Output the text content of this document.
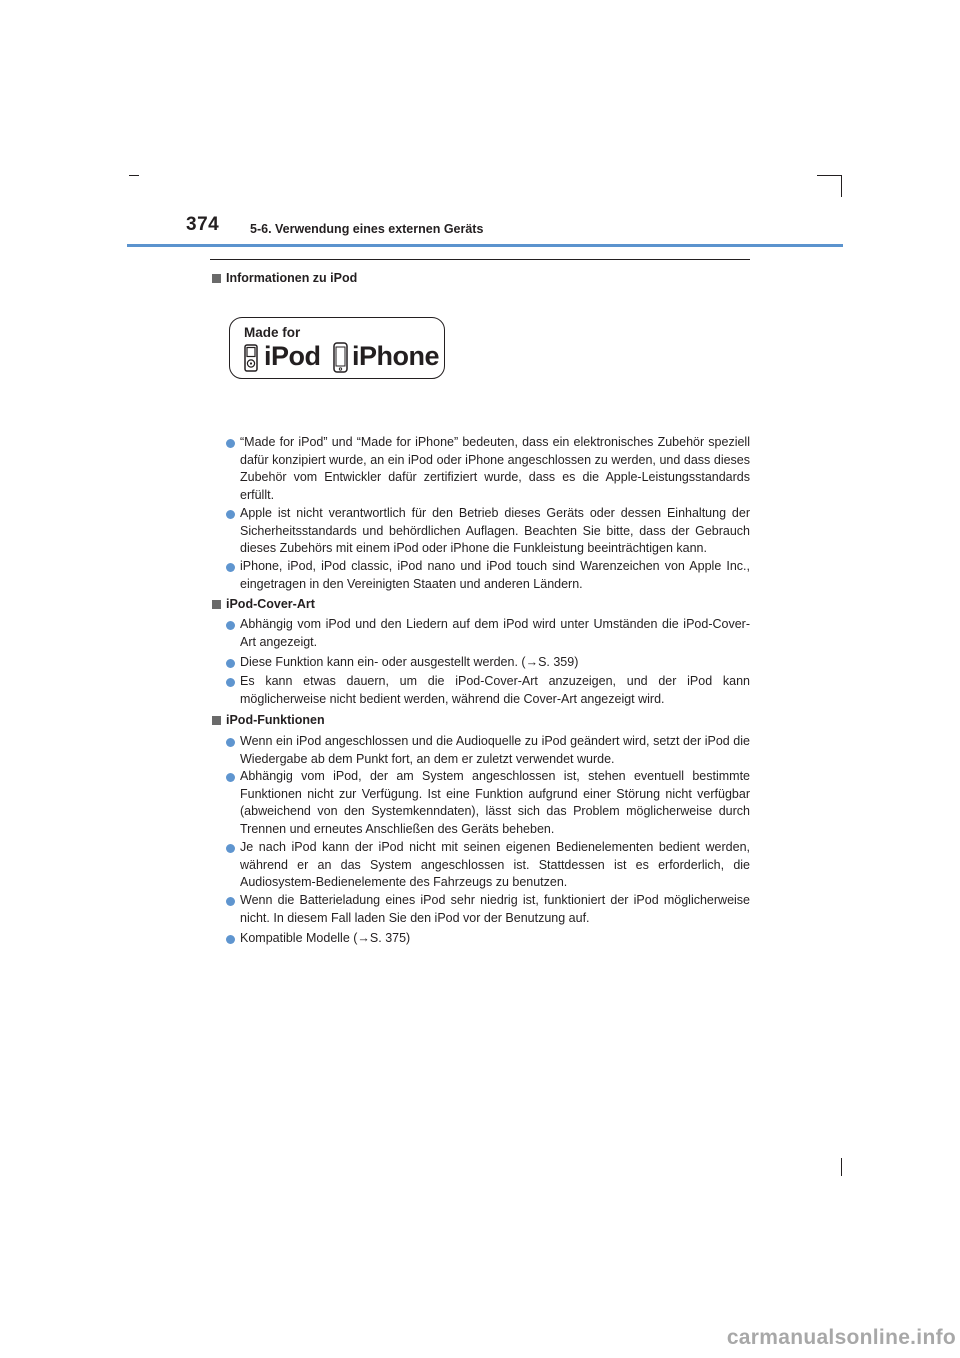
374 5-6. Verwendung eines externen Geräts
Informationen zu iPod
Made for
iPod iPhone
“Made for iPod” und “Made for iPhone” bedeuten, dass ein elektronisches Zubehör speziell dafür konzipiert wurde, an ein iPod oder iPhone angeschlossen zu werden, und dass dieses Zubehör vom Entwickler dafür zertifiziert wurde, dass es die Apple-Leistungsstandards erfüllt.
Apple ist nicht verantwortlich für den Betrieb dieses Geräts oder dessen Einhaltung der Sicherheitsstandards und behördlichen Auflagen. Beachten Sie bitte, dass der Gebrauch dieses Zubehörs mit einem iPod oder iPhone die Funkleistung beeinträchtigen kann.
iPhone, iPod, iPod classic, iPod nano und iPod touch sind Warenzeichen von Apple Inc., eingetragen in den Vereinigten Staaten und anderen Ländern.
iPod-Cover-Art
Abhängig vom iPod und den Liedern auf dem iPod wird unter Umständen die iPod-Cover-Art angezeigt.
Diese Funktion kann ein- oder ausgestellt werden. (→S. 359)
Es kann etwas dauern, um die iPod-Cover-Art anzuzeigen, und der iPod kann möglicherweise nicht bedient werden, während die Cover-Art angezeigt wird.
iPod-Funktionen
Wenn ein iPod angeschlossen und die Audioquelle zu iPod geändert wird, setzt der iPod die Wiedergabe ab dem Punkt fort, an dem er zuletzt verwendet wurde.
Abhängig vom iPod, der am System angeschlossen ist, stehen eventuell bestimmte Funktionen nicht zur Verfügung. Ist eine Funktion aufgrund einer Störung nicht verfügbar (abweichend von den Systemkenndaten), lässt sich das Problem möglicherweise durch Trennen und erneutes Anschließen des Geräts beheben.
Je nach iPod kann der iPod nicht mit seinen eigenen Bedienelementen bedient werden, während er an das System angeschlossen ist. Stattdessen ist es erforderlich, die Audiosystem-Bedienelemente des Fahrzeugs zu benutzen.
Wenn die Batterieladung eines iPod sehr niedrig ist, funktioniert der iPod möglicherweise nicht. In diesem Fall laden Sie den iPod vor der Benutzung auf.
Kompatible Modelle (→S. 375)
carmanualsonline.info
